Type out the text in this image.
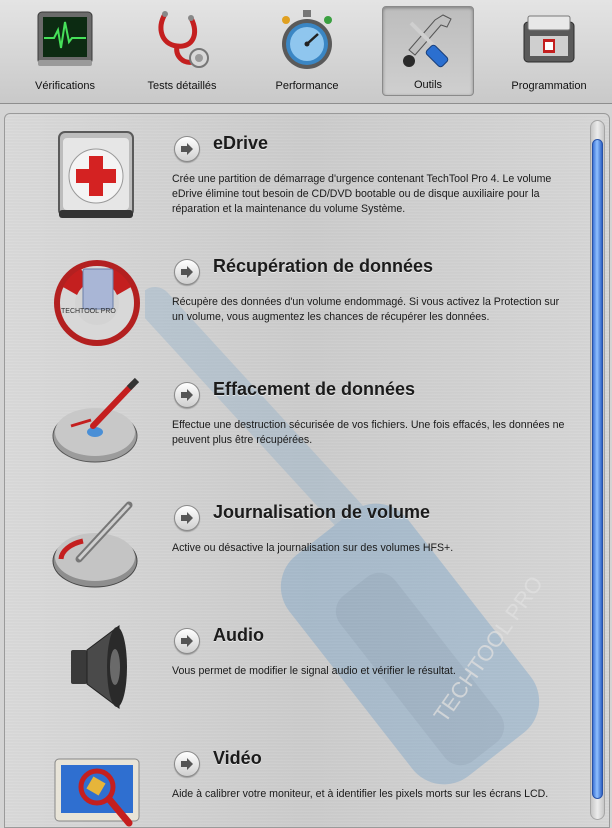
Vérifications	Tests détaillés	Performance	Outils	Programmation
TECHTOOL PRO
eDrive
Crée une partition de démarrage d'urgence contenant TechTool Pro 4. Le volume eDrive élimine tout besoin de CD/DVD bootable ou de disque auxiliaire pour la réparation et la maintenance du volume Système.
TECHTOOL PRO
Récupération de données
Récupère des données d'un volume endommagé. Si vous activez la Protection sur un volume, vous augmentez les chances de récupérer les données.
Effacement de données
Effectue une destruction sécurisée de vos fichiers. Une fois effacés, les données ne peuvent plus être récupérées.
Journalisation de volume
Active ou désactive la journalisation sur des volumes HFS+.
Audio
Vous permet de modifier le signal audio et vérifier le résultat.
Vidéo
Aide à calibrer votre moniteur, et à identifier les pixels morts sur les écrans LCD.
